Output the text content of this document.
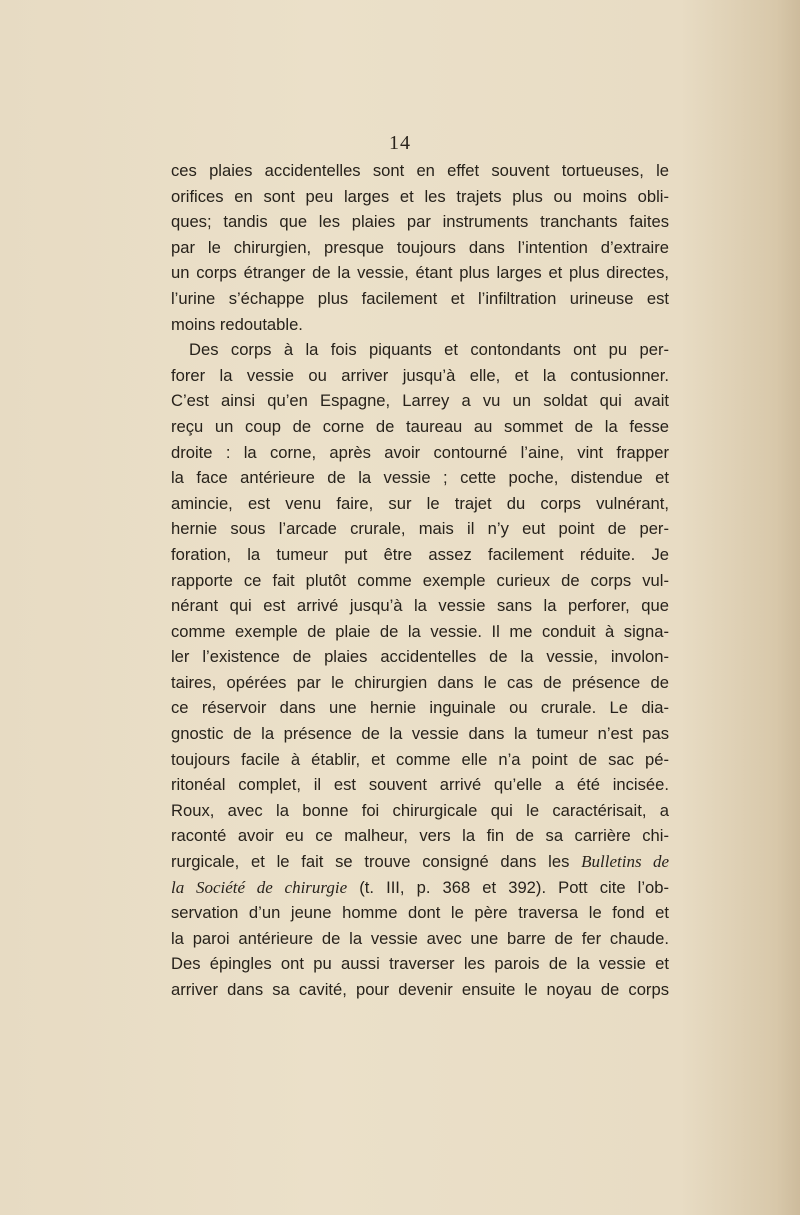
14
ces plaies accidentelles sont en effet souvent tortueuses, le
orifices en sont peu larges et les trajets plus ou moins obli-
ques; tandis que les plaies par instruments tranchants faites
par le chirurgien, presque toujours dans l’intention d’extraire
un corps étranger de la vessie, étant plus larges et plus directes,
l’urine s’échappe plus facilement et l’infiltration urineuse est
moins redoutable.
Des corps à la fois piquants et contondants ont pu per-
forer la vessie ou arriver jusqu’à elle, et la contusionner.
C’est ainsi qu’en Espagne, Larrey a vu un soldat qui avait
reçu un coup de corne de taureau au sommet de la fesse
droite : la corne, après avoir contourné l’aine, vint frapper
la face antérieure de la vessie ; cette poche, distendue et
amincie, est venu faire, sur le trajet du corps vulnérant,
hernie sous l’arcade crurale, mais il n’y eut point de per-
foration, la tumeur put être assez facilement réduite. Je
rapporte ce fait plutôt comme exemple curieux de corps vul-
nérant qui est arrivé jusqu’à la vessie sans la perforer, que
comme exemple de plaie de la vessie. Il me conduit à signa-
ler l’existence de plaies accidentelles de la vessie, involon-
taires, opérées par le chirurgien dans le cas de présence de
ce réservoir dans une hernie inguinale ou crurale. Le dia-
gnostic de la présence de la vessie dans la tumeur n’est pas
toujours facile à établir, et comme elle n’a point de sac pé-
ritonéal complet, il est souvent arrivé qu’elle a été incisée.
Roux, avec la bonne foi chirurgicale qui le caractérisait, a
raconté avoir eu ce malheur, vers la fin de sa carrière chi-
rurgicale, et le fait se trouve consigné dans les Bulletins de
la Société de chirurgie (t. III, p. 368 et 392). Pott cite l’ob-
servation d’un jeune homme dont le père traversa le fond et
la paroi antérieure de la vessie avec une barre de fer chaude.
Des épingles ont pu aussi traverser les parois de la vessie et
arriver dans sa cavité, pour devenir ensuite le noyau de corps
